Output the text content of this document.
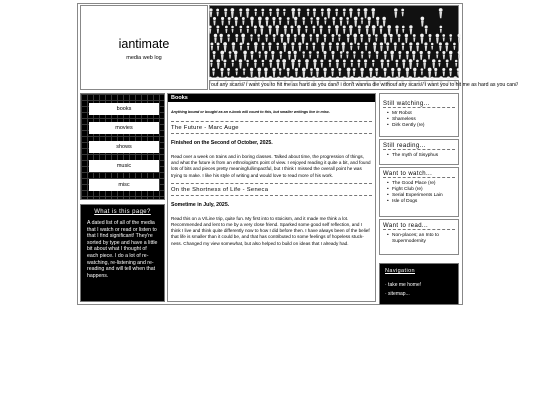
iantimate
media web log
out any scars// i want you to hit me as hard as you can// i don't wanna die without any scars// i want you to hit me as hard as you can//
books
movies
shows
music
misc
What is this page?
A dated list of all of the media that I watch or read or listen to that I find significant! They're sorted by type and have a little bit about what I thought of each piece. I do a lot of re-watching, re-listening and re-reading and will tell when that happens.
Books
Anything bound or bought as an e-book will count to this, but smaller writings live in misc.
The Future - Marc Auge
Finished on the Second of October, 2025.
Read over a week on trains and in boring classes. Talked about time, the progression of things, and what the future is from an ethnologist's point of view. I enjoyed reading it quite a bit, and found lots of bits and pieces pretty meaningful/impactful, but I think I missed the overall point he was trying to make. I like his style of writing and would love to read more of his work.
On the Shortness of Life - Seneca
Sometime in July, 2025.
Read this on a V/Line trip, quite fun. My first into to stoicism, and it made me think a lot. Recommended and lent to me by a very close friend. Sparked some good self reflection, and I think I live and think quite differently now to how I did before then. I have always been of the belief that life is smaller than it could be, and that has contributed to some feelings of hopeless stuck-ness. Changed my view somewhat, but also helped to build on ideas that I already had.
Still watching...
• Mr Robot
• Shameless
• Dirk Gently (re)
Still reading...
• The myth of Sisyphus
Want to watch...
• The Good Place (re)
• Fight Club (re)
• Serial Experiments Lain
• Isle of Dogs
Want to read...
• Non-places; an Into to Supermodernity
Navigation
· take me home!
· sitemap...
